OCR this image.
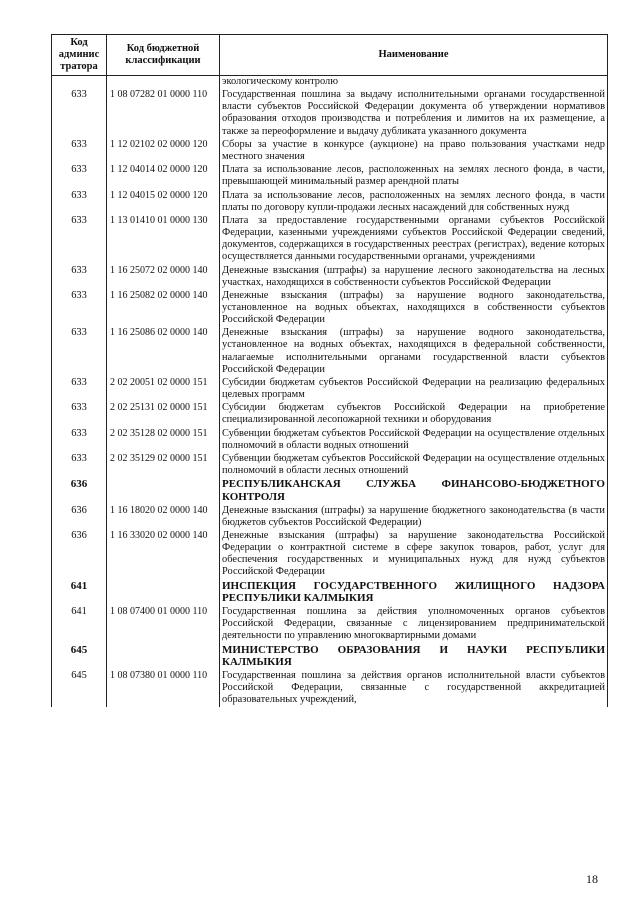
Код админис тратора	Код бюджетной классификации	Наименование
		экологическому контролю
633	1 08 07282 01 0000 110	Государственная пошлина за выдачу исполнительными органами государственной власти субъектов Российской Федерации документа об утверждении нормативов образования отходов производства и потребления и лимитов на их размещение, а также за переоформление и выдачу дубликата указанного документа
633	1 12 02102 02 0000 120	Сборы за участие в конкурсе (аукционе) на право пользования участками недр местного значения
633	1 12 04014 02 0000 120	Плата за использование лесов, расположенных на землях лесного фонда, в части, превышающей минимальный размер арендной платы
633	1 12 04015 02 0000 120	Плата за использование лесов, расположенных на землях лесного фонда, в части платы по договору купли-продажи лесных насаждений для собственных нужд
633	1 13 01410 01 0000 130	Плата за предоставление государственными органами субъектов Российской Федерации, казенными учреждениями субъектов Российской Федерации сведений, документов, содержащихся в государственных реестрах (регистрах), ведение которых осуществляется данными государственными органами, учреждениями
633	1 16 25072 02 0000 140	Денежные взыскания (штрафы) за нарушение лесного законодательства на лесных участках, находящихся в собственности субъектов Российской Федерации
633	1 16 25082 02 0000 140	Денежные взыскания (штрафы) за нарушение водного законодательства, установленное на водных объектах, находящихся в собственности субъектов Российской Федерации
633	1 16 25086 02 0000 140	Денежные взыскания (штрафы) за нарушение водного законодательства, установленное на водных объектах, находящихся в федеральной собственности, налагаемые исполнительными органами государственной власти субъектов Российской Федерации
633	2 02 20051 02 0000 151	Субсидии бюджетам субъектов Российской Федерации на реализацию федеральных целевых программ
633	2 02 25131 02 0000 151	Субсидии бюджетам субъектов Российской Федерации на приобретение специализированной лесопожарной техники и оборудования
633	2 02 35128 02 0000 151	Субвенции бюджетам субъектов Российской Федерации на осуществление отдельных полномочий в области водных отношений
633	2 02 35129 02 0000 151	Субвенции бюджетам субъектов Российской Федерации на осуществление отдельных полномочий в области лесных отношений
636		РЕСПУБЛИКАНСКАЯ СЛУЖБА ФИНАНСОВО-БЮДЖЕТНОГО КОНТРОЛЯ
636	1 16 18020 02 0000 140	Денежные взыскания (штрафы) за нарушение бюджетного законодательства (в части бюджетов субъектов Российской Федерации)
636	1 16 33020 02 0000 140	Денежные взыскания (штрафы) за нарушение законодательства Российской Федерации о контрактной системе в сфере закупок товаров, работ, услуг для обеспечения государственных и муниципальных нужд для нужд субъектов Российской Федерации
641		ИНСПЕКЦИЯ ГОСУДАРСТВЕННОГО ЖИЛИЩНОГО НАДЗОРА РЕСПУБЛИКИ КАЛМЫКИЯ
641	1 08 07400 01 0000 110	Государственная пошлина за действия уполномоченных органов субъектов Российской Федерации, связанные с лицензированием предпринимательской деятельности по управлению многоквартирными домами
645		МИНИСТЕРСТВО ОБРАЗОВАНИЯ И НАУКИ РЕСПУБЛИКИ КАЛМЫКИЯ
645	1 08 07380 01 0000 110	Государственная пошлина за действия органов исполнительной власти субъектов Российской Федерации, связанные с государственной аккредитацией образовательных учреждений,
18
